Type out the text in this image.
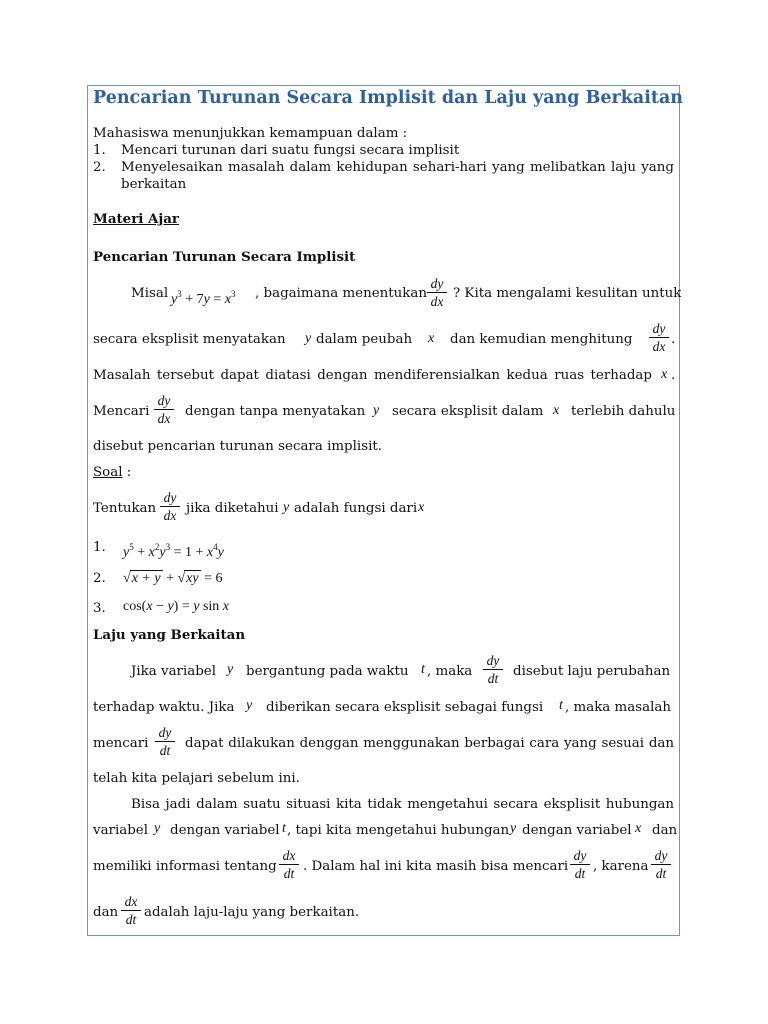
Pencarian Turunan Secara Implisit dan Laju yang Berkaitan
Mahasiswa menunjukkan kemampuan dalam :
1. Mencari turunan dari suatu fungsi secara implisit
2. Menyelesaikan masalah dalam kehidupan sehari-hari yang melibatkan laju yang
berkaitan
Materi Ajar
Pencarian Turunan Secara Implisit
Misal $y^3 + 7y = x^3$ , bagaimana menentukan
dy
dx
? Kita mengalami kesulitan untuk
secara eksplisit menyatakan y dalam peubah x dan kemudian menghitung
dy
dx .
Masalah tersebut dapat diatasi dengan mendiferensialkan kedua ruas terhadap x .
Mencari
dy
dx	dengan tanpa menyatakan y secara eksplisit dalam x terlebih dahulu
disebut pencarian turunan secara implisit.
Soal :
Tentukan
dy
dx jika diketahui y adalah fungsi dari x
1. $y^5 + x^2y^3 = 1 + x^4y$
2. √x + y + √xy = 6
3. cos(x − y) = y sin x
Laju yang Berkaitan
Jika variabel y bergantung pada waktu t , maka
dy
dt	disebut laju perubahan
terhadap waktu. Jika y diberikan secara eksplisit sebagai fungsi t , maka masalah
mencari
dy
dt	dapat dilakukan denggan menggunakan berbagai cara yang sesuai dan
telah kita pelajari sebelum ini.
Bisa jadi dalam suatu situasi kita tidak mengetahui secara eksplisit hubungan
variabel y dengan variabel t , tapi kita mengetahui hubungan y dengan variabel x dan
memiliki informasi tentang
dx
dt . Dalam hal ini kita masih bisa mencari
dy
dt , karena
dy
dt
dan
dx
dt adalah laju-laju yang berkaitan.
